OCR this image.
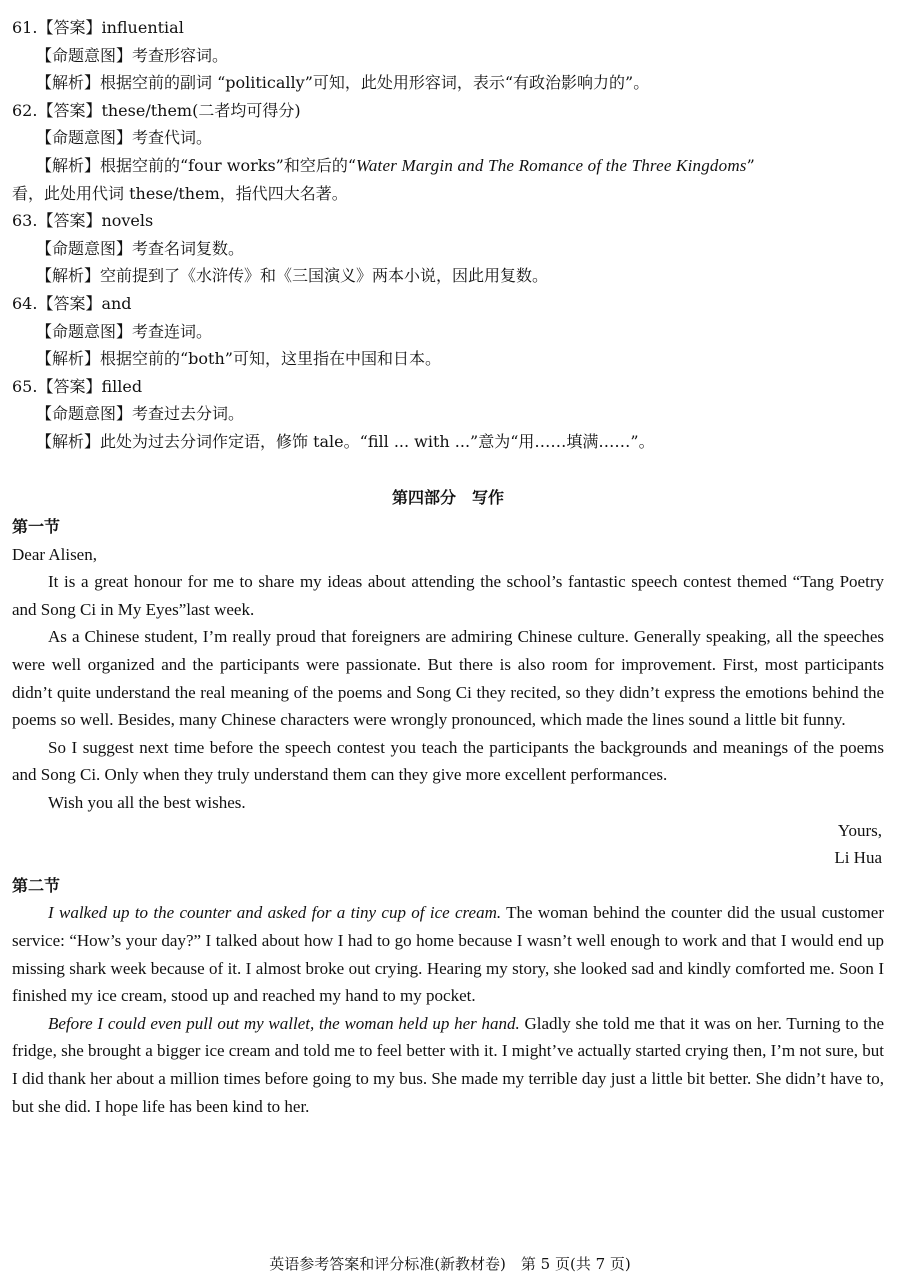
61.【答案】influential
【命题意图】考查形容词。
【解析】根据空前的副词 “politically”可知，此处用形容词，表示“有政治影响力的”。
62.【答案】these/them(二者均可得分)
【命题意图】考查代词。
【解析】根据空前的“four works”和空后的“Water Margin and The Romance of the Three Kingdoms”
看，此处用代词 these/them，指代四大名著。
63.【答案】novels
【命题意图】考查名词复数。
【解析】空前提到了《水浒传》和《三国演义》两本小说，因此用复数。
64.【答案】and
【命题意图】考查连词。
【解析】根据空前的“both”可知，这里指在中国和日本。
65.【答案】filled
【命题意图】考查过去分词。
【解析】此处为过去分词作定语，修饰 tale。“fill ... with ...”意为“用……填满……”。
第四部分　写作
第一节

Dear Alisen,

It is a great honour for me to share my ideas about attending the school’s fantastic speech contest themed “Tang Poetry and Song Ci in My Eyes”last week.

As a Chinese student, I’m really proud that foreigners are admiring Chinese culture. Generally speaking, all the speeches were well organized and the participants were passionate. But there is also room for improvement. First, most participants didn’t quite understand the real meaning of the poems and Song Ci they recited, so they didn’t express the emotions behind the poems so well. Besides, many Chinese characters were wrongly pronounced, which made the lines sound a little bit funny.

So I suggest next time before the speech contest you teach the participants the backgrounds and meanings of the poems and Song Ci. Only when they truly understand them can they give more excellent performances.

Wish you all the best wishes.

Yours,

Li Hua

第二节

I walked up to the counter and asked for a tiny cup of ice cream. The woman behind the counter did the usual customer service: “How’s your day?” I talked about how I had to go home because I wasn’t well enough to work and that I would end up missing shark week because of it. I almost broke out crying. Hearing my story, she looked sad and kindly comforted me. Soon I finished my ice cream, stood up and reached my hand to my pocket.

Before I could even pull out my wallet, the woman held up her hand. Gladly she told me that it was on her. Turning to the fridge, she brought a bigger ice cream and told me to feel better with it. I might’ve actually started crying then, I’m not sure, but I did thank her about a million times before going to my bus. She made my terrible day just a little bit better. She didn’t have to, but she did. I hope life has been kind to her.

英语参考答案和评分标准(新教材卷)　第 5 页(共 7 页)
